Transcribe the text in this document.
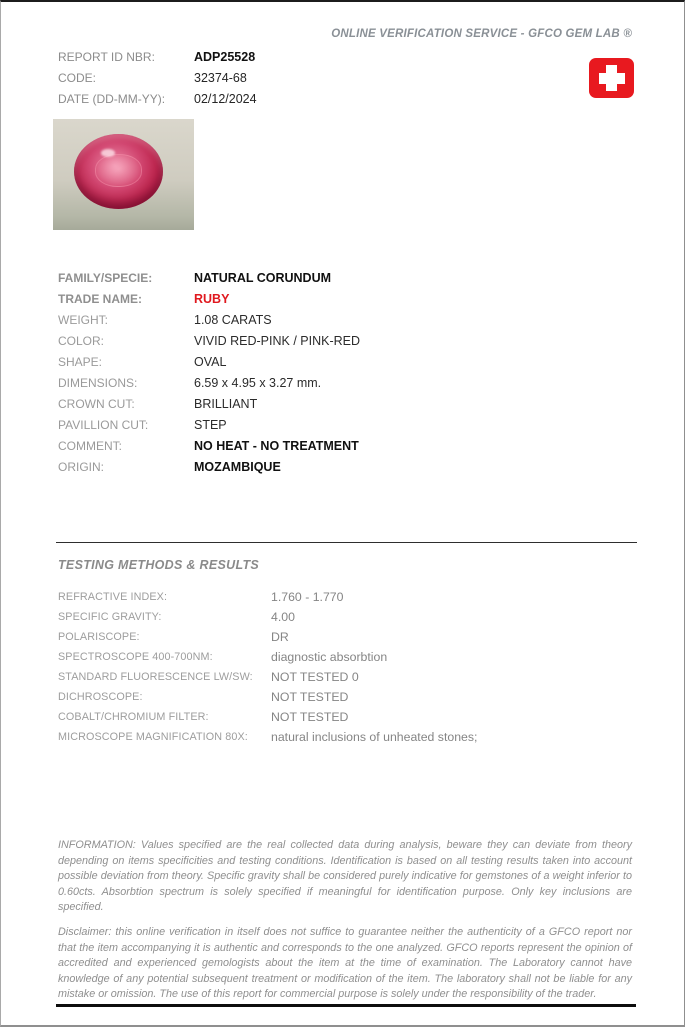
ONLINE VERIFICATION SERVICE - GFCO GEM LAB ®
REPORT ID NBR:	ADP25528
CODE:	32374-68
DATE (DD-MM-YY):	02/12/2024
FAMILY/SPECIE:	NATURAL CORUNDUM
TRADE NAME:	RUBY
WEIGHT:	1.08 CARATS
COLOR:	VIVID RED-PINK / PINK-RED
SHAPE:	OVAL
DIMENSIONS:	6.59 x 4.95 x 3.27 mm.
CROWN CUT:	BRILLIANT
PAVILLION CUT:	STEP
COMMENT:	NO HEAT - NO TREATMENT
ORIGIN:	MOZAMBIQUE
TESTING METHODS & RESULTS
REFRACTIVE INDEX:	1.760 - 1.770
SPECIFIC GRAVITY:	4.00
POLARISCOPE:	DR
SPECTROSCOPE 400-700NM:	diagnostic absorbtion
STANDARD FLUORESCENCE LW/SW:	NOT TESTED 0
DICHROSCOPE:	NOT TESTED
COBALT/CHROMIUM FILTER:	NOT TESTED
MICROSCOPE MAGNIFICATION 80X:	natural inclusions of unheated stones;
INFORMATION: Values specified are the real collected data during analysis, beware they can deviate from theory depending on items specificities and testing conditions. Identification is based on all testing results taken into account possible deviation from theory. Specific gravity shall be considered purely indicative for gemstones of a weight inferior to 0.60cts. Absorbtion spectrum is solely specified if meaningful for identification purpose. Only key inclusions are specified.
Disclaimer: this online verification in itself does not suffice to guarantee neither the authenticity of a GFCO report nor that the item accompanying it is authentic and corresponds to the one analyzed. GFCO reports represent the opinion of accredited and experienced gemologists about the item at the time of examination. The Laboratory cannot have knowledge of any potential subsequent treatment or modification of the item. The laboratory shall not be liable for any mistake or omission. The use of this report for commercial purpose is solely under the responsibility of the trader.
